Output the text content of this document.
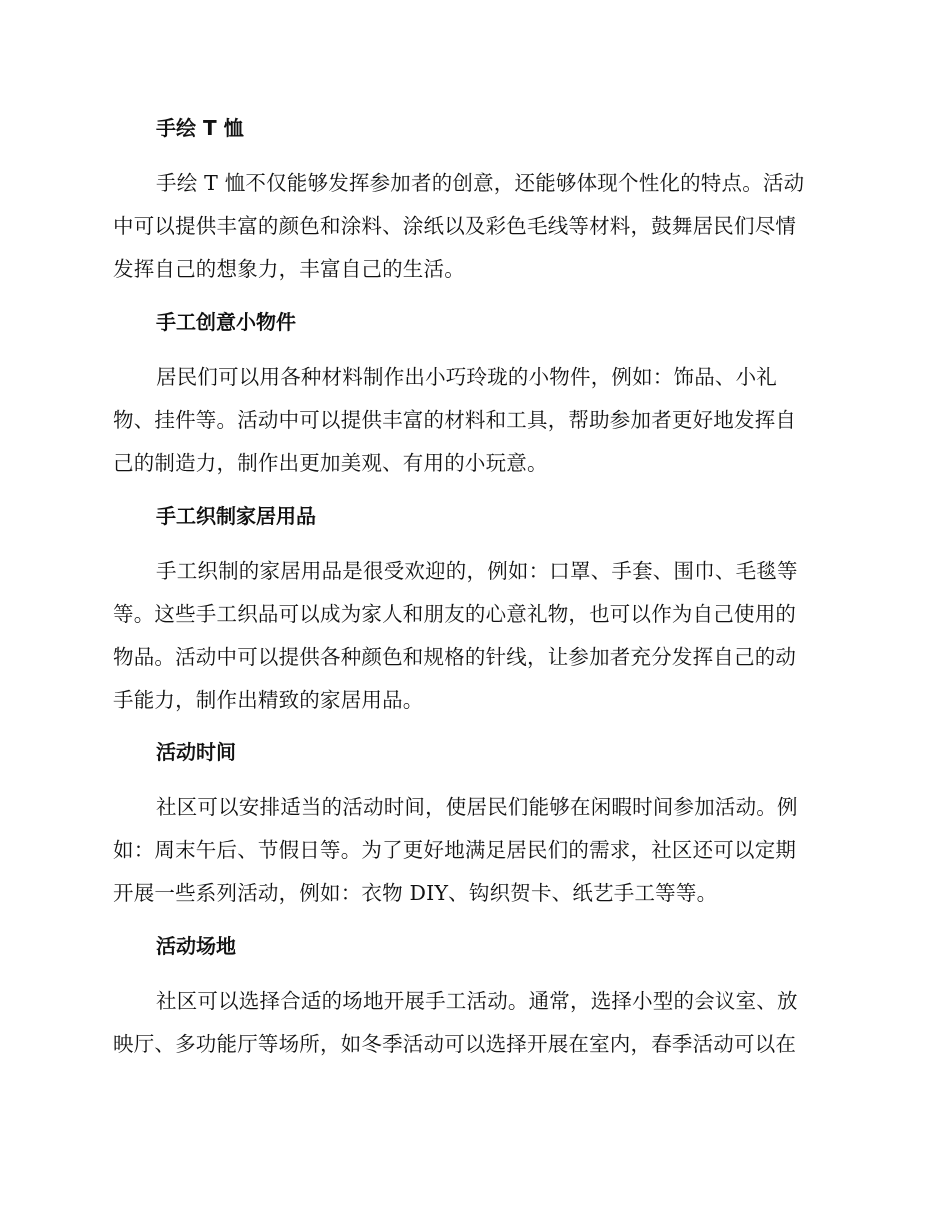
手绘 T 恤

手绘 T 恤不仅能够发挥参加者的创意，还能够体现个性化的特点。活动
中可以提供丰富的颜色和涂料、涂纸以及彩色毛线等材料，鼓舞居民们尽情
发挥自己的想象力，丰富自己的生活。

手工创意小物件

居民们可以用各种材料制作出小巧玲珑的小物件，例如：饰品、小礼
物、挂件等。活动中可以提供丰富的材料和工具，帮助参加者更好地发挥自
己的制造力，制作出更加美观、有用的小玩意。

手工织制家居用品

手工织制的家居用品是很受欢迎的，例如：口罩、手套、围巾、毛毯等
等。这些手工织品可以成为家人和朋友的心意礼物，也可以作为自己使用的
物品。活动中可以提供各种颜色和规格的针线，让参加者充分发挥自己的动
手能力，制作出精致的家居用品。

活动时间

社区可以安排适当的活动时间，使居民们能够在闲暇时间参加活动。例
如：周末午后、节假日等。为了更好地满足居民们的需求，社区还可以定期
开展一些系列活动，例如：衣物 DIY、钩织贺卡、纸艺手工等等。

活动场地

社区可以选择合适的场地开展手工活动。通常，选择小型的会议室、放
映厅、多功能厅等场所，如冬季活动可以选择开展在室内，春季活动可以在
